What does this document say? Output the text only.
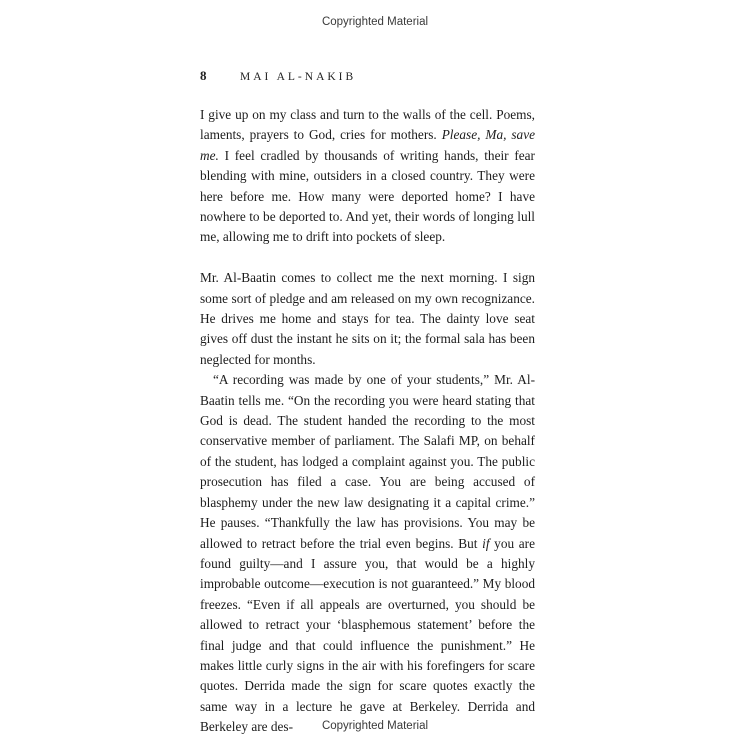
Copyrighted Material
8	MAI AL-NAKIB

I give up on my class and turn to the walls of the cell. Poems, laments, prayers to God, cries for mothers. Please, Ma, save me. I feel cradled by thousands of writing hands, their fear blending with mine, outsiders in a closed country. They were here before me. How many were deported home? I have nowhere to be deported to. And yet, their words of longing lull me, allowing me to drift into pockets of sleep.

Mr. Al-Baatin comes to collect me the next morning. I sign some sort of pledge and am released on my own recognizance. He drives me home and stays for tea. The dainty love seat gives off dust the instant he sits on it; the formal sala has been neglected for months.

“A recording was made by one of your students,” Mr. Al-Baatin tells me. “On the recording you were heard stating that God is dead. The student handed the recording to the most conservative member of parliament. The Salafi MP, on behalf of the student, has lodged a complaint against you. The public prosecution has filed a case. You are being accused of blasphemy under the new law designating it a capital crime.” He pauses. “Thankfully the law has provisions. You may be allowed to retract before the trial even begins. But if you are found guilty—and I assure you, that would be a highly improbable outcome—execution is not guaranteed.” My blood freezes. “Even if all appeals are overturned, you should be allowed to retract your ‘blasphemous statement’ before the final judge and that could influence the punishment.” He makes little curly signs in the air with his forefingers for scare quotes. Derrida made the sign for scare quotes exactly the same way in a lecture he gave at Berkeley. Derrida and Berkeley are des-	Copyrighted Material
